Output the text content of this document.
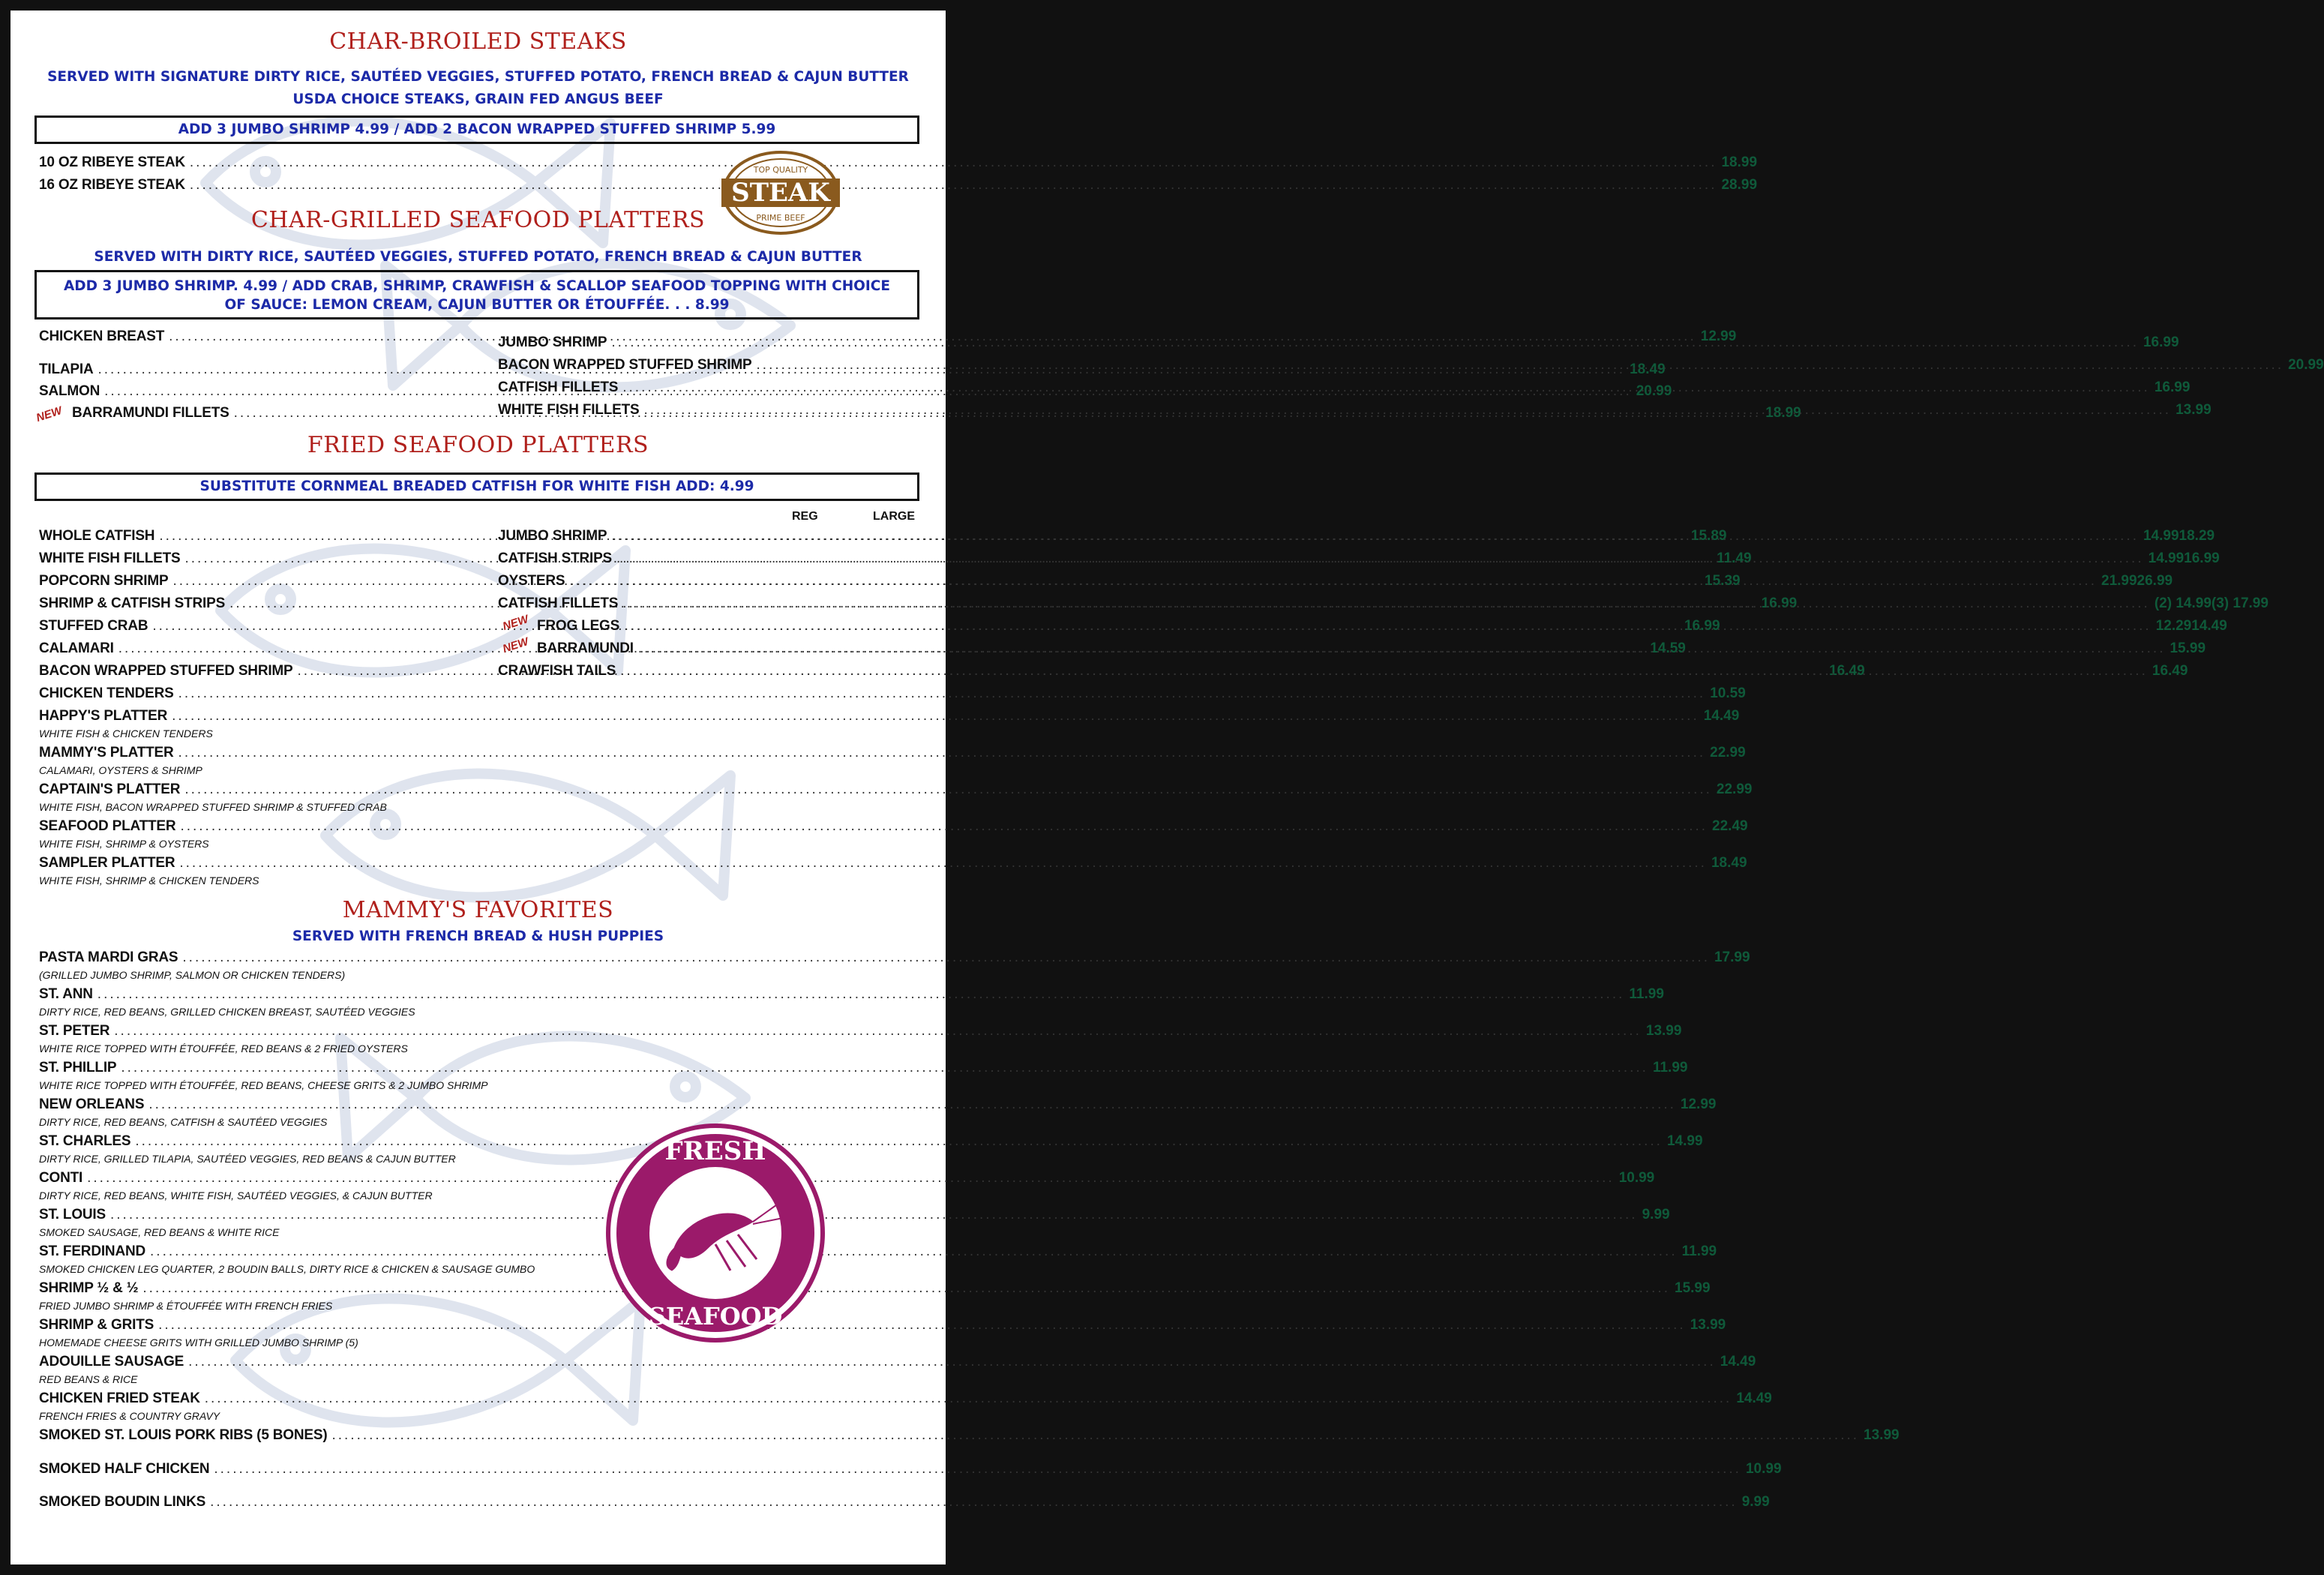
CHAR-BROILED STEAKS
SERVED WITH SIGNATURE DIRTY RICE, SAUTÉED VEGGIES, STUFFED POTATO, FRENCH BREAD & CAJUN BUTTER
USDA CHOICE STEAKS, GRAIN FED ANGUS BEEF
ADD 3 JUMBO SHRIMP 4.99 / ADD 2 BACON WRAPPED STUFFED SHRIMP 5.99
10 OZ RIBEYE STEAK .....	18.99
16 OZ RIBEYE STEAK .....	28.99
STEAK
TOP QUALITY
PRIME BEEF
CHAR-GRILLED SEAFOOD PLATTERS
SERVED WITH DIRTY RICE, SAUTÉED VEGGIES, STUFFED POTATO, FRENCH BREAD & CAJUN BUTTER
ADD 3 JUMBO SHRIMP. 4.99 / ADD CRAB, SHRIMP, CRAWFISH & SCALLOP SEAFOOD TOPPING WITH CHOICE
OF SAUCE: LEMON CREAM, CAJUN BUTTER OR ÉTOUFFÉE. . . 8.99
CHICKEN BREAST .....	12.99
TILAPIA .....	18.49
SALMON .....	20.99
NEW BARRAMUNDI FILLETS .....	18.99
JUMBO SHRIMP .....	16.99
BACON WRAPPED STUFFED SHRIMP .....	20.99
CATFISH FILLETS .....	16.99
WHITE FISH FILLETS .....	13.99
FRIED SEAFOOD PLATTERS
SUBSTITUTE CORNMEAL BREADED CATFISH FOR WHITE FISH ADD: 4.99
REG	LARGE
WHOLE CATFISH .....	15.89
WHITE FISH FILLETS .....	11.49
POPCORN SHRIMP .....	15.39
SHRIMP & CATFISH STRIPS .....	16.99
STUFFED CRAB .....	16.99
CALAMARI .....	14.59
BACON WRAPPED STUFFED SHRIMP .....	16.49
CHICKEN TENDERS .....	10.59
JUMBO SHRIMP .....	14.99 18.29
CATFISH STRIPS .....	14.99 16.99
OYSTERS .....	21.99 26.99
CATFISH FILLETS .....	(2) 14.99 (3) 17.99
NEW FROG LEGS .....	12.29 14.49
NEW BARRAMUNDI .....	15.99
CRAWFISH TAILS .....	16.49
HAPPY'S PLATTER .....	14.49
WHITE FISH & CHICKEN TENDERS
MAMMY'S PLATTER .....	22.99
CALAMARI, OYSTERS & SHRIMP
CAPTAIN'S PLATTER .....	22.99
WHITE FISH, BACON WRAPPED STUFFED SHRIMP & STUFFED CRAB
SEAFOOD PLATTER .....	22.49
WHITE FISH, SHRIMP & OYSTERS
SAMPLER PLATTER .....	18.49
WHITE FISH, SHRIMP & CHICKEN TENDERS
MAMMY'S FAVORITES
SERVED WITH FRENCH BREAD & HUSH PUPPIES
PASTA MARDI GRAS .....	17.99
(GRILLED JUMBO SHRIMP, SALMON OR CHICKEN TENDERS)
ST. ANN .....	11.99
DIRTY RICE, RED BEANS, GRILLED CHICKEN BREAST, SAUTÉED VEGGIES
ST. PETER .....	13.99
WHITE RICE TOPPED WITH ÉTOUFFÉE, RED BEANS & 2 FRIED OYSTERS
ST. PHILLIP .....	11.99
WHITE RICE TOPPED WITH ÉTOUFFÉE, RED BEANS, CHEESE GRITS & 2 JUMBO SHRIMP
NEW ORLEANS .....	12.99
DIRTY RICE, RED BEANS, CATFISH & SAUTÉED VEGGIES
ST. CHARLES .....	14.99
DIRTY RICE, GRILLED TILAPIA, SAUTÉED VEGGIES, RED BEANS & CAJUN BUTTER
CONTI .....	10.99
DIRTY RICE, RED BEANS, WHITE FISH, SAUTÉED VEGGIES, & CAJUN BUTTER
ST. LOUIS .....	9.99
SMOKED SAUSAGE, RED BEANS & WHITE RICE
ST. FERDINAND .....	11.99
SMOKED CHICKEN LEG QUARTER, 2 BOUDIN BALLS, DIRTY RICE & CHICKEN & SAUSAGE GUMBO
SHRIMP ½ & ½ .....	15.99
FRIED JUMBO SHRIMP & ÉTOUFFÉE WITH FRENCH FRIES
SHRIMP & GRITS .....	13.99
HOMEMADE CHEESE GRITS WITH GRILLED JUMBO SHRIMP (5)
ADOUILLE SAUSAGE .....	14.49
RED BEANS & RICE
CHICKEN FRIED STEAK .....	14.49
FRENCH FRIES & COUNTRY GRAVY
SMOKED ST. LOUIS PORK RIBS (5 BONES) .....	13.99
SMOKED HALF CHICKEN .....	10.99
SMOKED BOUDIN LINKS .....	9.99
FRESH
SEAFOOD
